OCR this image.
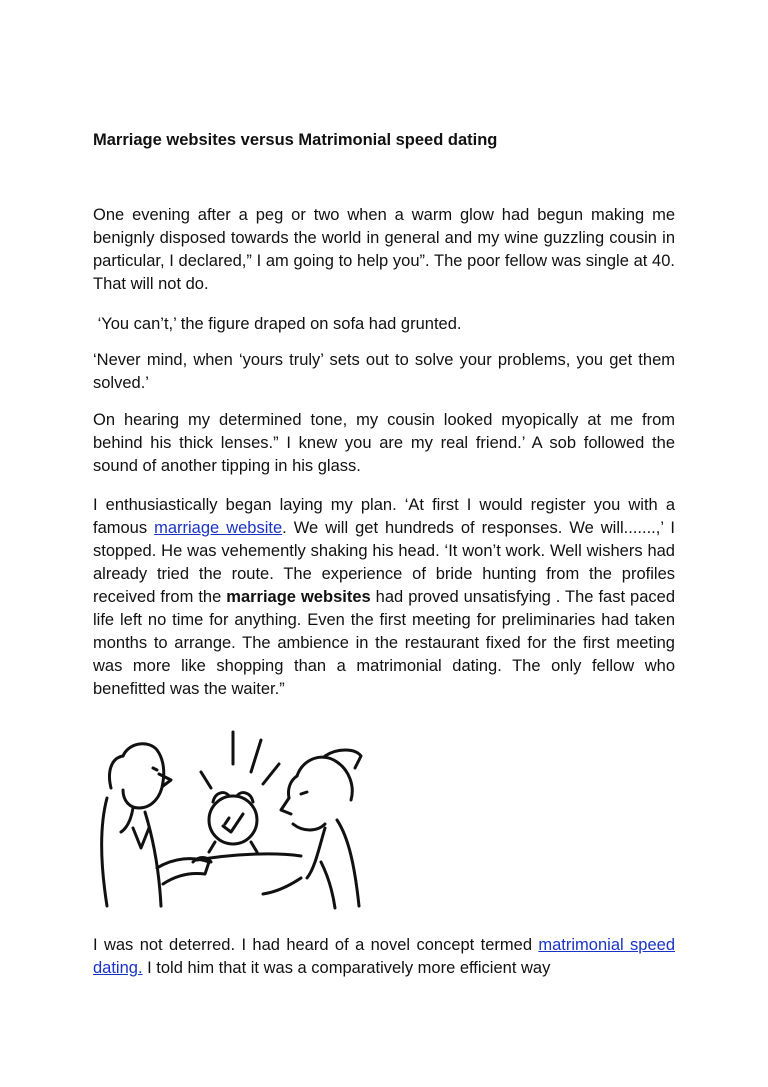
Marriage websites versus Matrimonial speed dating

One evening after a peg or two when a warm glow had begun making me benignly disposed towards the world in general and my wine guzzling cousin in particular, I declared,” I am going to help you”. The poor fellow was single at 40. That will not do.

‘You can’t,’ the figure draped on sofa had grunted.

‘Never mind, when ‘yours truly’ sets out to solve your problems, you get them solved.’

On hearing my determined tone, my cousin looked myopically at me from behind his thick lenses.” I knew you are my real friend.’ A sob followed the sound of another tipping in his glass.

I enthusiastically began laying my plan. ‘At first I would register you with a famous marriage website. We will get hundreds of responses. We will.......,’ I stopped. He was vehemently shaking his head. ‘It won’t work. Well wishers had already tried the route. The experience of bride hunting from the profiles received from the marriage websites had proved unsatisfying . The fast paced life left no time for anything. Even the first meeting for preliminaries had taken months to arrange. The ambience in the restaurant fixed for the first meeting was more like shopping than a matrimonial dating. The only fellow who benefitted was the waiter.”

I was not deterred. I had heard of a novel concept termed matrimonial speed dating. I told him that it was a comparatively more efficient way
